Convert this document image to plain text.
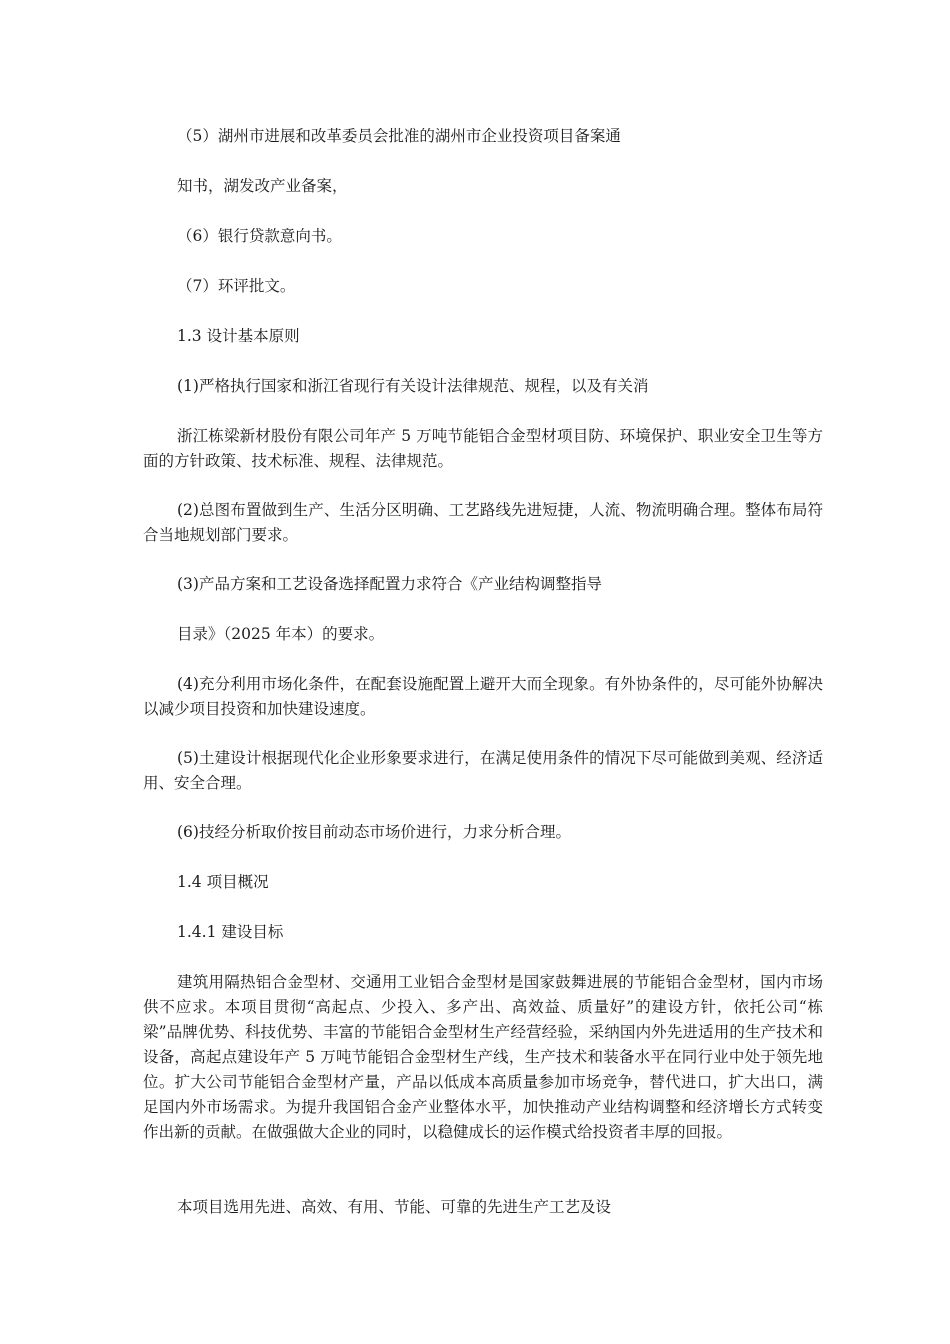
（5）湖州市进展和改革委员会批准的湖州市企业投资项目备案通

知书，湖发改产业备案，

（6）银行贷款意向书。

（7）环评批文。

1.3 设计基本原则

(1)严格执行国家和浙江省现行有关设计法律规范、规程，以及有关消

浙江栋梁新材股份有限公司年产 5 万吨节能铝合金型材项目防、环境保护、职业安全卫生等方面的方针政策、技术标准、规程、法律规范。

(2)总图布置做到生产、生活分区明确、工艺路线先进短捷，人流、物流明确合理。整体布局符合当地规划部门要求。

(3)产品方案和工艺设备选择配置力求符合《产业结构调整指导

目录》（2025 年本）的要求。

(4)充分利用市场化条件，在配套设施配置上避开大而全现象。有外协条件的，尽可能外协解决以减少项目投资和加快建设速度。

(5)土建设计根据现代化企业形象要求进行，在满足使用条件的情况下尽可能做到美观、经济适用、安全合理。

(6)技经分析取价按目前动态市场价进行，力求分析合理。

1.4 项目概况

1.4.1 建设目标

建筑用隔热铝合金型材、交通用工业铝合金型材是国家鼓舞进展的节能铝合金型材，国内市场供不应求。本项目贯彻“高起点、少投入、多产出、高效益、质量好”的建设方针，依托公司“栋梁”品牌优势、科技优势、丰富的节能铝合金型材生产经营经验，采纳国内外先进适用的生产技术和设备，高起点建设年产 5 万吨节能铝合金型材生产线，生产技术和装备水平在同行业中处于领先地位。扩大公司节能铝合金型材产量，产品以低成本高质量参加市场竞争，替代进口，扩大出口，满足国内外市场需求。为提升我国铝合金产业整体水平，加快推动产业结构调整和经济增长方式转变作出新的贡献。在做强做大企业的同时，以稳健成长的运作模式给投资者丰厚的回报。

本项目选用先进、高效、有用、节能、可靠的先进生产工艺及设
